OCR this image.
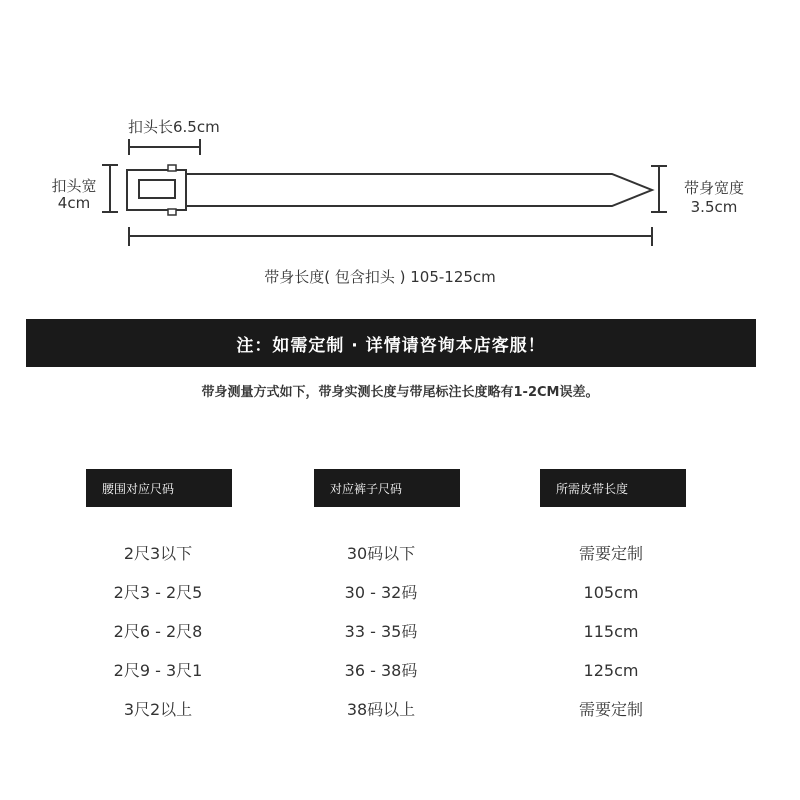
扣头长6.5cm
扣头宽
4cm
带身宽度
3.5cm
带身长度( 包含扣头 ) 105-125cm
注：如需定制 · 详情请咨询本店客服！
带身测量方式如下，带身实测长度与带尾标注长度略有1-2CM误差。
腰围对应尺码	对应裤子尺码	所需皮带长度
2尺3以下
2尺3 - 2尺5
2尺6 - 2尺8
2尺9 - 3尺1
3尺2以上
30码以下
30 - 32码
33 - 35码
36 - 38码
38码以上
需要定制
105cm
115cm
125cm
需要定制
